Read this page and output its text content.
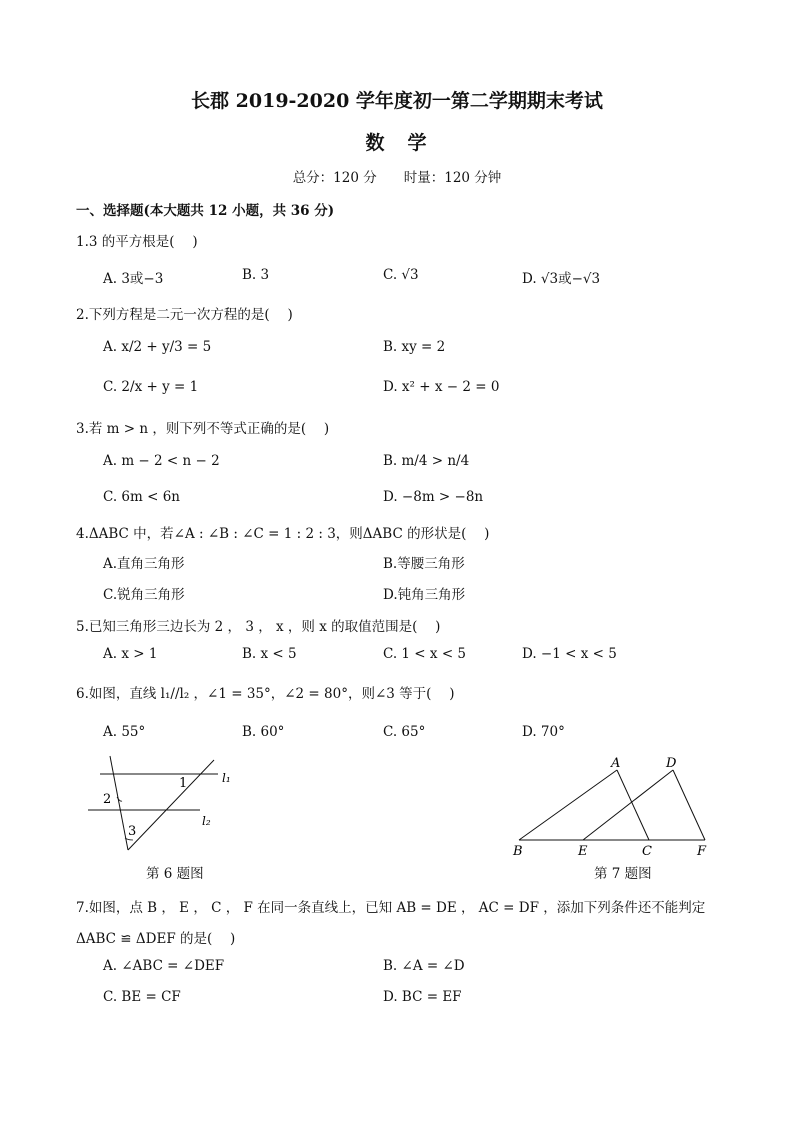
长郡 2019-2020 学年度初一第二学期期末考试
数　学
总分：120 分　　时量：120 分钟
一、选择题(本大题共 12 小题，共 36 分)
1.3 的平方根是(　 )
A. 3或−3	B. 3	C. √3	D. √3或−√3
2.下列方程是二元一次方程的是(　 )
A. x/2 + y/3 = 5	B. xy = 2
C. 2/x + y = 1	D. x² + x − 2 = 0
3.若 m > n ，则下列不等式正确的是(　 )
A. m − 2 < n − 2	B. m/4 > n/4
C. 6m < 6n	D. −8m > −8n
4.ΔABC 中，若∠A : ∠B : ∠C = 1 : 2 : 3，则ΔABC 的形状是(　 )
A.直角三角形	B.等腰三角形
C.锐角三角形	D.钝角三角形
5.已知三角形三边长为 2 ， 3 ， x ，则 x 的取值范围是(　 )
A. x > 1	B. x < 5	C. 1 < x < 5	D. −1 < x < 5
6.如图，直线 l₁//l₂ ，∠1 = 35°，∠2 = 80°，则∠3 等于(　 )
A. 55°	B. 60°	C. 65°	D. 70°
l₁
l₂
1
2
3
第 6 题图
A	D
B	E	C	F
第 7 题图
7.如图，点 B ， E ， C ， F 在同一条直线上，已知 AB = DE ， AC = DF ，添加下列条件还不能判定
ΔABC ≌ ΔDEF 的是(　 )
A. ∠ABC = ∠DEF	B. ∠A = ∠D
C. BE = CF	D. BC = EF
